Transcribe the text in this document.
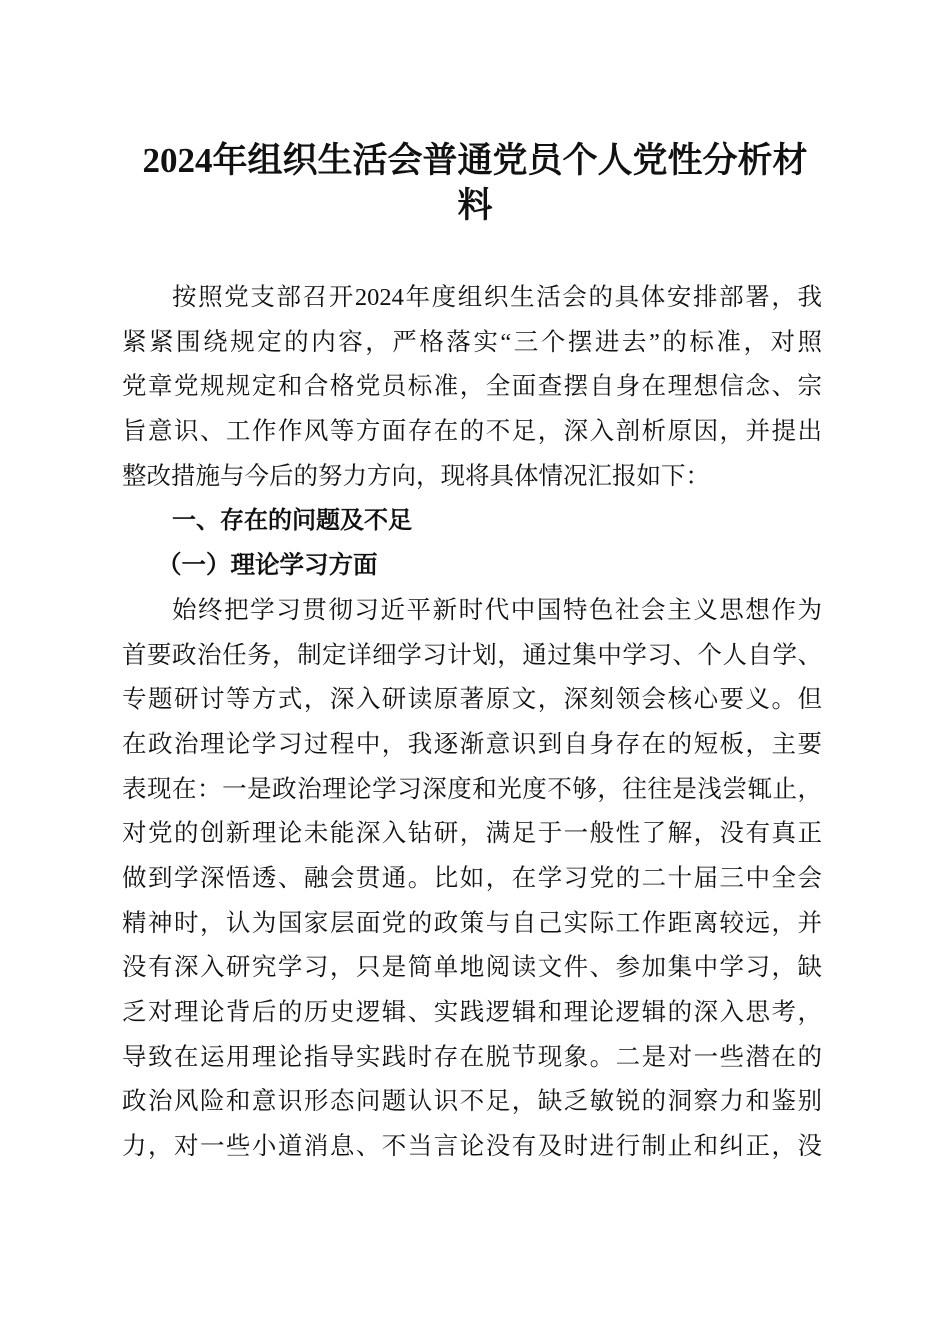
2024年组织生活会普通党员个人党性分析材
料
按照党支部召开2024年度组织生活会的具体安排部署，我
紧紧围绕规定的内容，严格落实“三个摆进去”的标准，对照
党章党规规定和合格党员标准，全面查摆自身在理想信念、宗
旨意识、工作作风等方面存在的不足，深入剖析原因，并提出
整改措施与今后的努力方向，现将具体情况汇报如下：
一、存在的问题及不足
（一）理论学习方面
始终把学习贯彻习近平新时代中国特色社会主义思想作为
首要政治任务，制定详细学习计划，通过集中学习、个人自学、
专题研讨等方式，深入研读原著原文，深刻领会核心要义。但
在政治理论学习过程中，我逐渐意识到自身存在的短板，主要
表现在：一是政治理论学习深度和光度不够，往往是浅尝辄止，
对党的创新理论未能深入钻研，满足于一般性了解，没有真正
做到学深悟透、融会贯通。比如，在学习党的二十届三中全会
精神时，认为国家层面党的政策与自己实际工作距离较远，并
没有深入研究学习，只是简单地阅读文件、参加集中学习，缺
乏对理论背后的历史逻辑、实践逻辑和理论逻辑的深入思考，
导致在运用理论指导实践时存在脱节现象。二是对一些潜在的
政治风险和意识形态问题认识不足，缺乏敏锐的洞察力和鉴别
力，对一些小道消息、不当言论没有及时进行制止和纠正，没
